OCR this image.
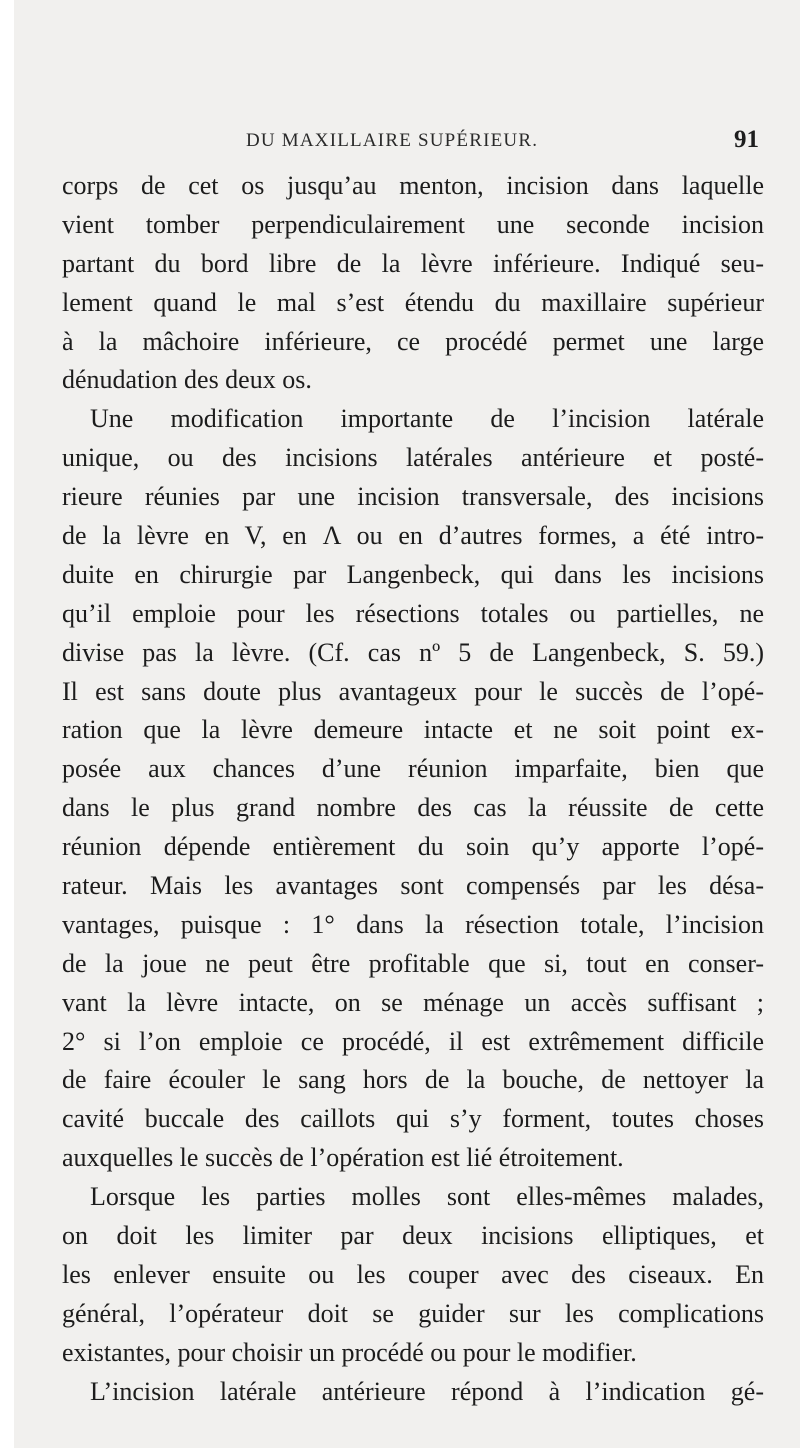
DU MAXILLAIRE SUPÉRIEUR.	91
corps de cet os jusqu’au menton, incision dans laquelle
vient tomber perpendiculairement une seconde incision
partant du bord libre de la lèvre inférieure. Indiqué seu-
lement quand le mal s’est étendu du maxillaire supérieur
à la mâchoire inférieure, ce procédé permet une large
dénudation des deux os.
Une modification importante de l’incision latérale
unique, ou des incisions latérales antérieure et posté-
rieure réunies par une incision transversale, des incisions
de la lèvre en V, en Λ ou en d’autres formes, a été intro-
duite en chirurgie par Langenbeck, qui dans les incisions
qu’il emploie pour les résections totales ou partielles, ne
divise pas la lèvre. (Cf. cas nº 5 de Langenbeck, S. 59.)
Il est sans doute plus avantageux pour le succès de l’opé-
ration que la lèvre demeure intacte et ne soit point ex-
posée aux chances d’une réunion imparfaite, bien que
dans le plus grand nombre des cas la réussite de cette
réunion dépende entièrement du soin qu’y apporte l’opé-
rateur. Mais les avantages sont compensés par les désa-
vantages, puisque : 1° dans la résection totale, l’incision
de la joue ne peut être profitable que si, tout en conser-
vant la lèvre intacte, on se ménage un accès suffisant ;
2° si l’on emploie ce procédé, il est extrêmement difficile
de faire écouler le sang hors de la bouche, de nettoyer la
cavité buccale des caillots qui s’y forment, toutes choses
auxquelles le succès de l’opération est lié étroitement.
Lorsque les parties molles sont elles-mêmes malades,
on doit les limiter par deux incisions elliptiques, et
les enlever ensuite ou les couper avec des ciseaux. En
général, l’opérateur doit se guider sur les complications
existantes, pour choisir un procédé ou pour le modifier.
L’incision latérale antérieure répond à l’indication gé-
